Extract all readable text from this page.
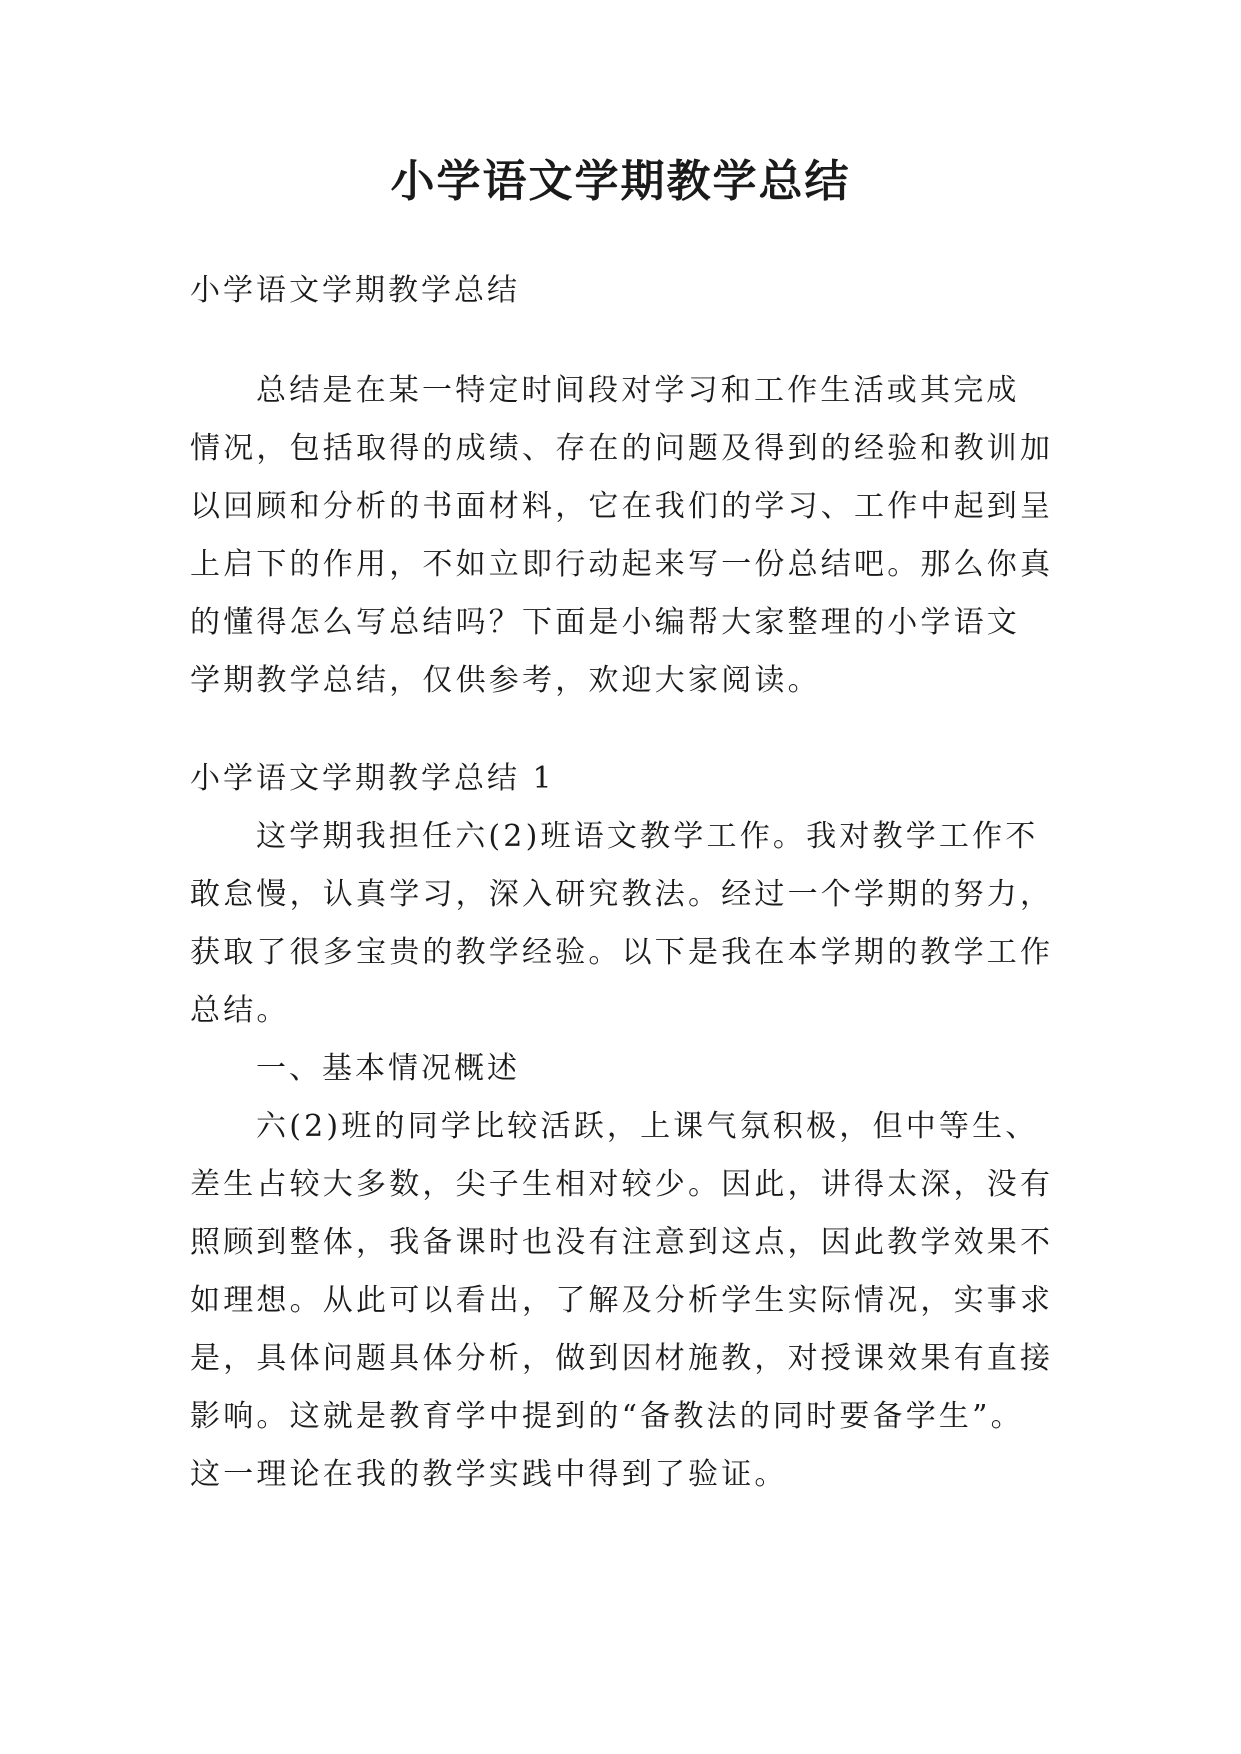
小学语文学期教学总结

小学语文学期教学总结

总结是在某一特定时间段对学习和工作生活或其完成
情况，包括取得的成绩、存在的问题及得到的经验和教训加
以回顾和分析的书面材料，它在我们的学习、工作中起到呈
上启下的作用，不如立即行动起来写一份总结吧。那么你真
的懂得怎么写总结吗？下面是小编帮大家整理的小学语文
学期教学总结，仅供参考，欢迎大家阅读。

小学语文学期教学总结 1

这学期我担任六(2)班语文教学工作。我对教学工作不
敢怠慢，认真学习，深入研究教法。经过一个学期的努力，
获取了很多宝贵的教学经验。以下是我在本学期的教学工作
总结。

一、基本情况概述

六(2)班的同学比较活跃，上课气氛积极，但中等生、
差生占较大多数，尖子生相对较少。因此，讲得太深，没有
照顾到整体，我备课时也没有注意到这点，因此教学效果不
如理想。从此可以看出，了解及分析学生实际情况，实事求
是，具体问题具体分析，做到因材施教，对授课效果有直接
影响。这就是教育学中提到的“备教法的同时要备学生”。
这一理论在我的教学实践中得到了验证。
